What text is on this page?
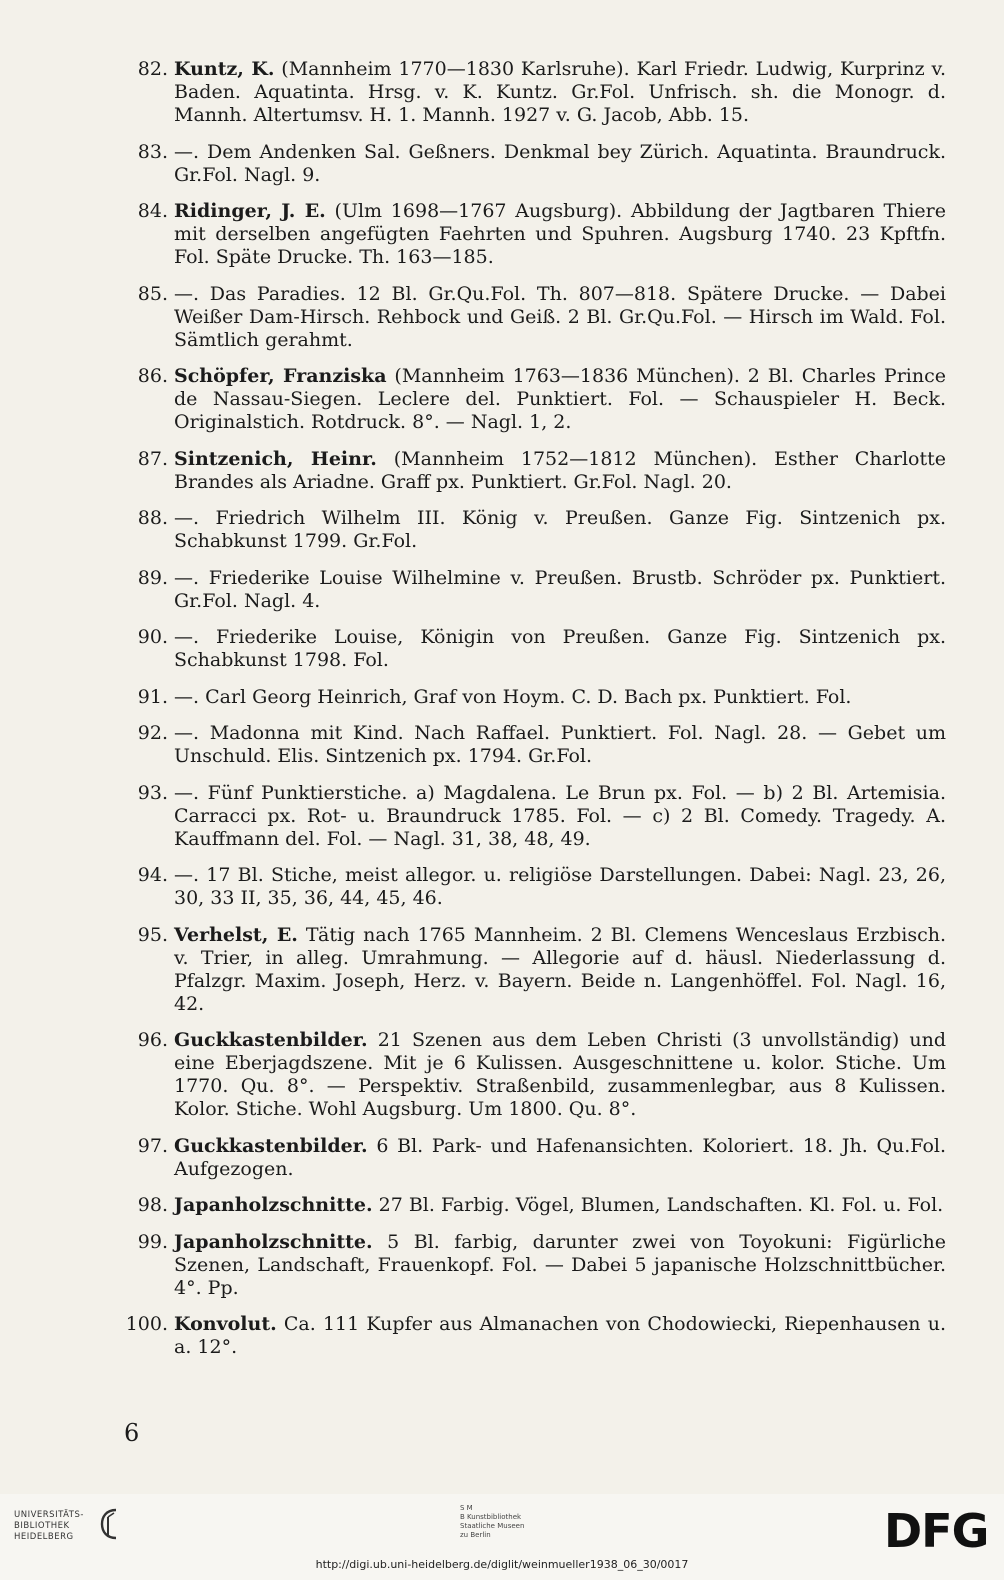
82. Kuntz, K. (Mannheim 1770—1830 Karlsruhe). Karl Friedr. Ludwig, Kurprinz v. Baden. Aquatinta. Hrsg. v. K. Kuntz. Gr.Fol. Unfrisch. sh. die Monogr. d. Mannh. Altertumsv. H. 1. Mannh. 1927 v. G. Jacob, Abb. 15.
83. —. Dem Andenken Sal. Geßners. Denkmal bey Zürich. Aquatinta. Braundruck. Gr.Fol. Nagl. 9.
84. Ridinger, J. E. (Ulm 1698—1767 Augsburg). Abbildung der Jagtbaren Thiere mit derselben angefügten Faehrten und Spuhren. Augsburg 1740. 23 Kpftfn. Fol. Späte Drucke. Th. 163—185.
85. —. Das Paradies. 12 Bl. Gr.Qu.Fol. Th. 807—818. Spätere Drucke. — Dabei Weißer Dam-Hirsch. Rehbock und Geiß. 2 Bl. Gr.Qu.Fol. — Hirsch im Wald. Fol. Sämtlich gerahmt.
86. Schöpfer, Franziska (Mannheim 1763—1836 München). 2 Bl. Charles Prince de Nassau-Siegen. Leclere del. Punktiert. Fol. — Schauspieler H. Beck. Originalstich. Rotdruck. 8°. — Nagl. 1, 2.
87. Sintzenich, Heinr. (Mannheim 1752—1812 München). Esther Charlotte Brandes als Ariadne. Graff px. Punktiert. Gr.Fol. Nagl. 20.
88. —. Friedrich Wilhelm III. König v. Preußen. Ganze Fig. Sintzenich px. Schabkunst 1799. Gr.Fol.
89. —. Friederike Louise Wilhelmine v. Preußen. Brustb. Schröder px. Punktiert. Gr.Fol. Nagl. 4.
90. —. Friederike Louise, Königin von Preußen. Ganze Fig. Sintzenich px. Schabkunst 1798. Fol.
91. —. Carl Georg Heinrich, Graf von Hoym. C. D. Bach px. Punktiert. Fol.
92. —. Madonna mit Kind. Nach Raffael. Punktiert. Fol. Nagl. 28. — Gebet um Unschuld. Elis. Sintzenich px. 1794. Gr.Fol.
93. —. Fünf Punktierstiche. a) Magdalena. Le Brun px. Fol. — b) 2 Bl. Artemisia. Carracci px. Rot- u. Braundruck 1785. Fol. — c) 2 Bl. Comedy. Tragedy. A. Kauffmann del. Fol. — Nagl. 31, 38, 48, 49.
94. —. 17 Bl. Stiche, meist allegor. u. religiöse Darstellungen. Dabei: Nagl. 23, 26, 30, 33 II, 35, 36, 44, 45, 46.
95. Verhelst, E. Tätig nach 1765 Mannheim. 2 Bl. Clemens Wenceslaus Erzbisch. v. Trier, in alleg. Umrahmung. — Allegorie auf d. häusl. Niederlassung d. Pfalzgr. Maxim. Joseph, Herz. v. Bayern. Beide n. Langenhöffel. Fol. Nagl. 16, 42.
96. Guckkastenbilder. 21 Szenen aus dem Leben Christi (3 unvollständig) und eine Eberjagdszene. Mit je 6 Kulissen. Ausgeschnittene u. kolor. Stiche. Um 1770. Qu. 8°. — Perspektiv. Straßenbild, zusammenlegbar, aus 8 Kulissen. Kolor. Stiche. Wohl Augsburg. Um 1800. Qu. 8°.
97. Guckkastenbilder. 6 Bl. Park- und Hafenansichten. Koloriert. 18. Jh. Qu.Fol. Aufgezogen.
98. Japanholzschnitte. 27 Bl. Farbig. Vögel, Blumen, Landschaften. Kl. Fol. u. Fol.
99. Japanholzschnitte. 5 Bl. farbig, darunter zwei von Toyokuni: Figürliche Szenen, Landschaft, Frauenkopf. Fol. — Dabei 5 japanische Holzschnittbücher. 4°. Pp.
100. Konvolut. Ca. 111 Kupfer aus Almanachen von Chodowiecki, Riepenhausen u. a. 12°.
6
UNIVERSITÄTS-
BIBLIOTHEK
HEIDELBERG
S M
B Kunstbibliothek
Staatliche Museen
zu Berlin	DFG
http://digi.ub.uni-heidelberg.de/diglit/weinmueller1938_06_30/0017
